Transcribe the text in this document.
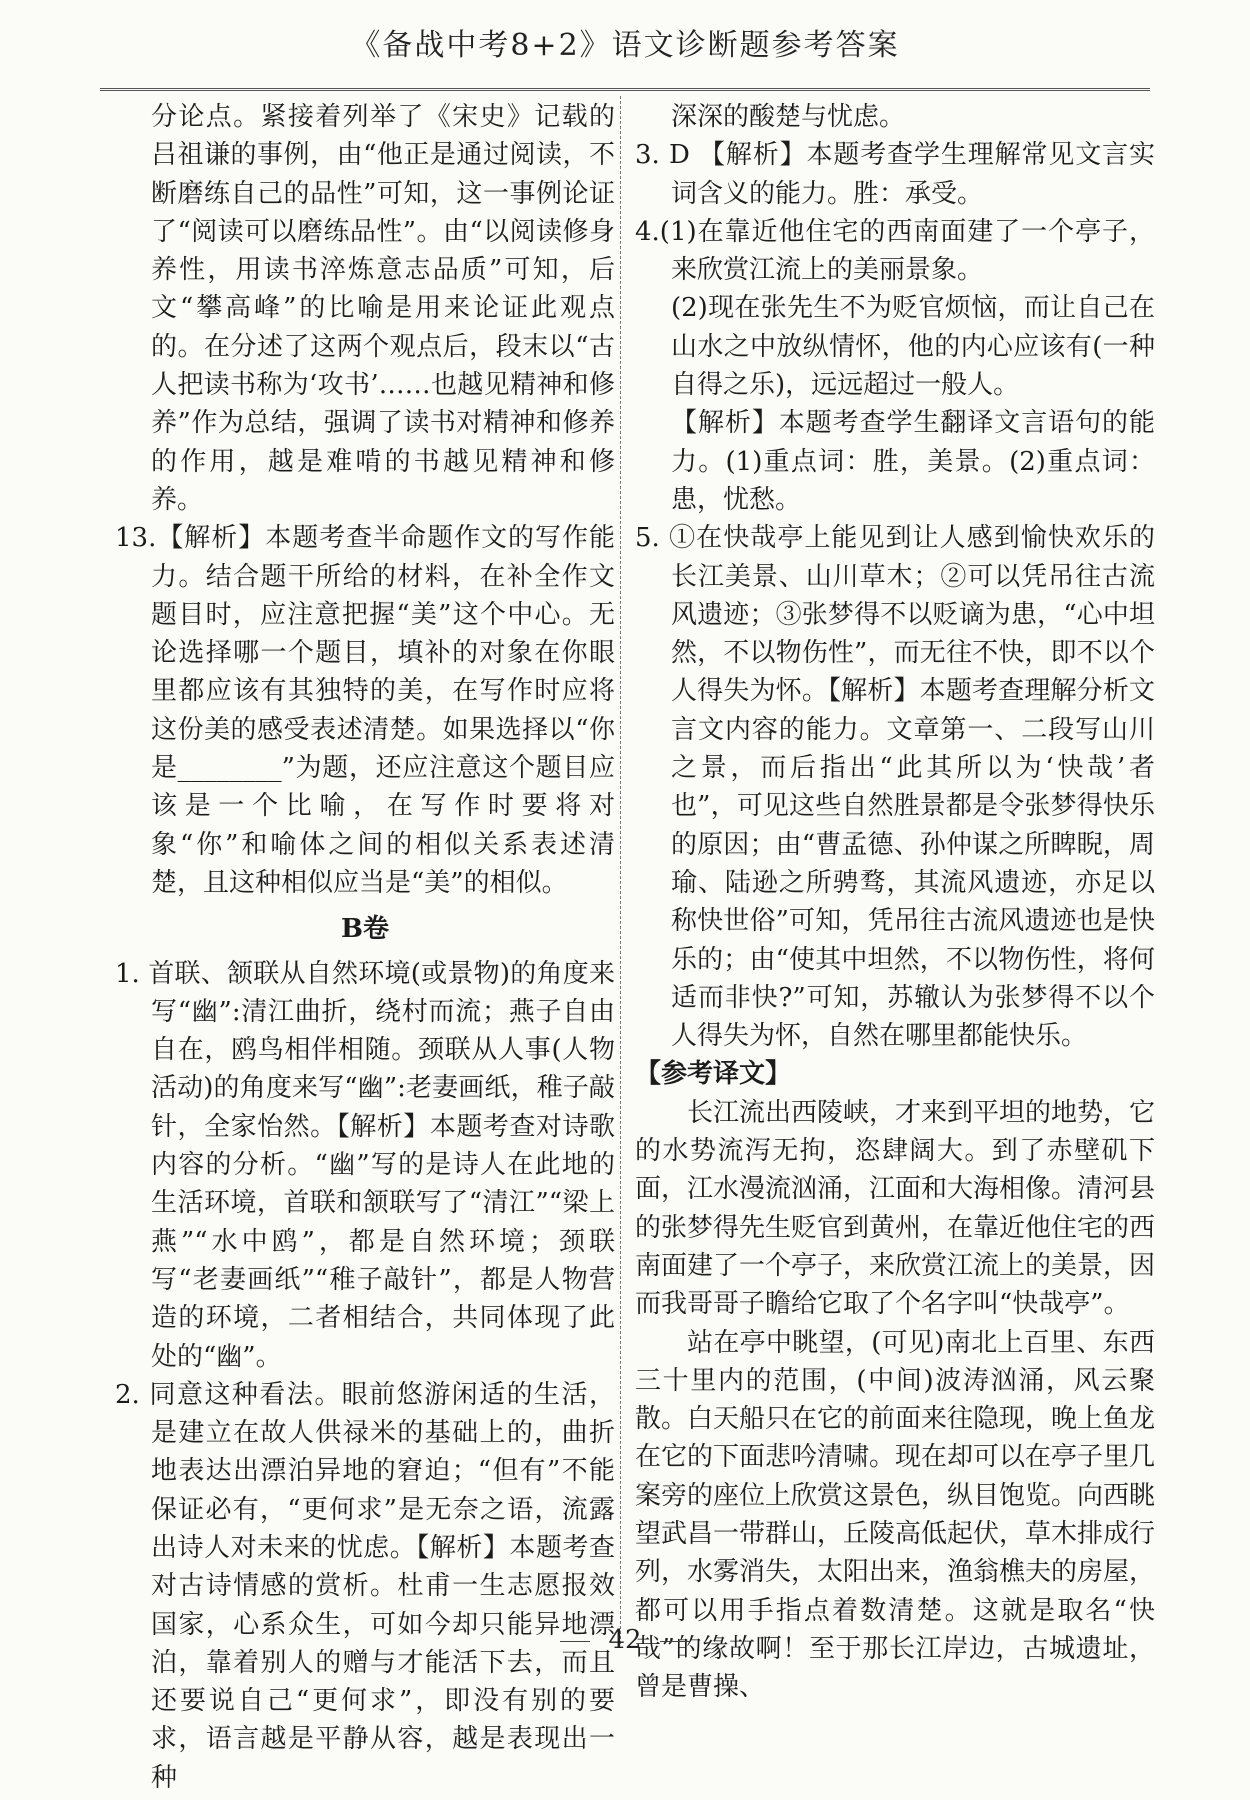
《备战中考8+2》语文诊断题参考答案

分论点。紧接着列举了《宋史》记载的吕祖谦的事例，由“他正是通过阅读，不断磨练自己的品性”可知，这一事例论证了“阅读可以磨练品性”。由“以阅读修身养性，用读书淬炼意志品质”可知，后文“攀高峰”的比喻是用来论证此观点的。在分述了这两个观点后，段末以“古人把读书称为‘攻书’……也越见精神和修养”作为总结，强调了读书对精神和修养的作用，越是难啃的书越见精神和修养。

13.【解析】本题考查半命题作文的写作能力。结合题干所给的材料，在补全作文题目时，应注意把握“美”这个中心。无论选择哪一个题目，填补的对象在你眼里都应该有其独特的美，在写作时应将这份美的感受表述清楚。如果选择以“你是________”为题，还应注意这个题目应该是一个比喻，在写作时要将对象“你”和喻体之间的相似关系表述清楚，且这种相似应当是“美”的相似。

B卷

1. 首联、颔联从自然环境(或景物)的角度来写“幽”:清江曲折，绕村而流；燕子自由自在，鸥鸟相伴相随。颈联从人事(人物活动)的角度来写“幽”:老妻画纸，稚子敲针，全家怡然。【解析】本题考查对诗歌内容的分析。“幽”写的是诗人在此地的生活环境，首联和颔联写了“清江”“梁上燕”“水中鸥”，都是自然环境；颈联写“老妻画纸”“稚子敲针”，都是人物营造的环境，二者相结合，共同体现了此处的“幽”。

2. 同意这种看法。眼前悠游闲适的生活，是建立在故人供禄米的基础上的，曲折地表达出漂泊异地的窘迫；“但有”不能保证必有，“更何求”是无奈之语，流露出诗人对未来的忧虑。【解析】本题考查对古诗情感的赏析。杜甫一生志愿报效国家，心系众生，可如今却只能异地漂泊，靠着别人的赠与才能活下去，而且还要说自己“更何求”，即没有别的要求，语言越是平静从容，越是表现出一种

深深的酸楚与忧虑。

3. D 【解析】本题考查学生理解常见文言实词含义的能力。胜：承受。

4.(1)在靠近他住宅的西南面建了一个亭子，来欣赏江流上的美丽景象。

(2)现在张先生不为贬官烦恼，而让自己在山水之中放纵情怀，他的内心应该有(一种自得之乐)，远远超过一般人。

【解析】本题考查学生翻译文言语句的能力。(1)重点词：胜，美景。(2)重点词：患，忧愁。

5. ①在快哉亭上能见到让人感到愉快欢乐的长江美景、山川草木；②可以凭吊往古流风遗迹；③张梦得不以贬谪为患，“心中坦然，不以物伤性”，而无往不快，即不以个人得失为怀。【解析】本题考查理解分析文言文内容的能力。文章第一、二段写山川之景，而后指出“此其所以为‘快哉’者也”，可见这些自然胜景都是令张梦得快乐的原因；由“曹孟德、孙仲谋之所睥睨，周瑜、陆逊之所骋骛，其流风遗迹，亦足以称快世俗”可知，凭吊往古流风遗迹也是快乐的；由“使其中坦然，不以物伤性，将何适而非快?”可知，苏辙认为张梦得不以个人得失为怀，自然在哪里都能快乐。

【参考译文】

长江流出西陵峡，才来到平坦的地势，它的水势流泻无拘，恣肆阔大。到了赤壁矶下面，江水漫流汹涌，江面和大海相像。清河县的张梦得先生贬官到黄州，在靠近他住宅的西南面建了一个亭子，来欣赏江流上的美景，因而我哥哥子瞻给它取了个名字叫“快哉亭”。

站在亭中眺望，(可见)南北上百里、东西三十里内的范围，(中间)波涛汹涌，风云聚散。白天船只在它的前面来往隐现，晚上鱼龙在它的下面悲吟清啸。现在却可以在亭子里几案旁的座位上欣赏这景色，纵目饱览。向西眺望武昌一带群山，丘陵高低起伏，草木排成行列，水雾消失，太阳出来，渔翁樵夫的房屋，都可以用手指点着数清楚。这就是取名“快哉”的缘故啊！至于那长江岸边，古城遗址，曾是曹操、

42
